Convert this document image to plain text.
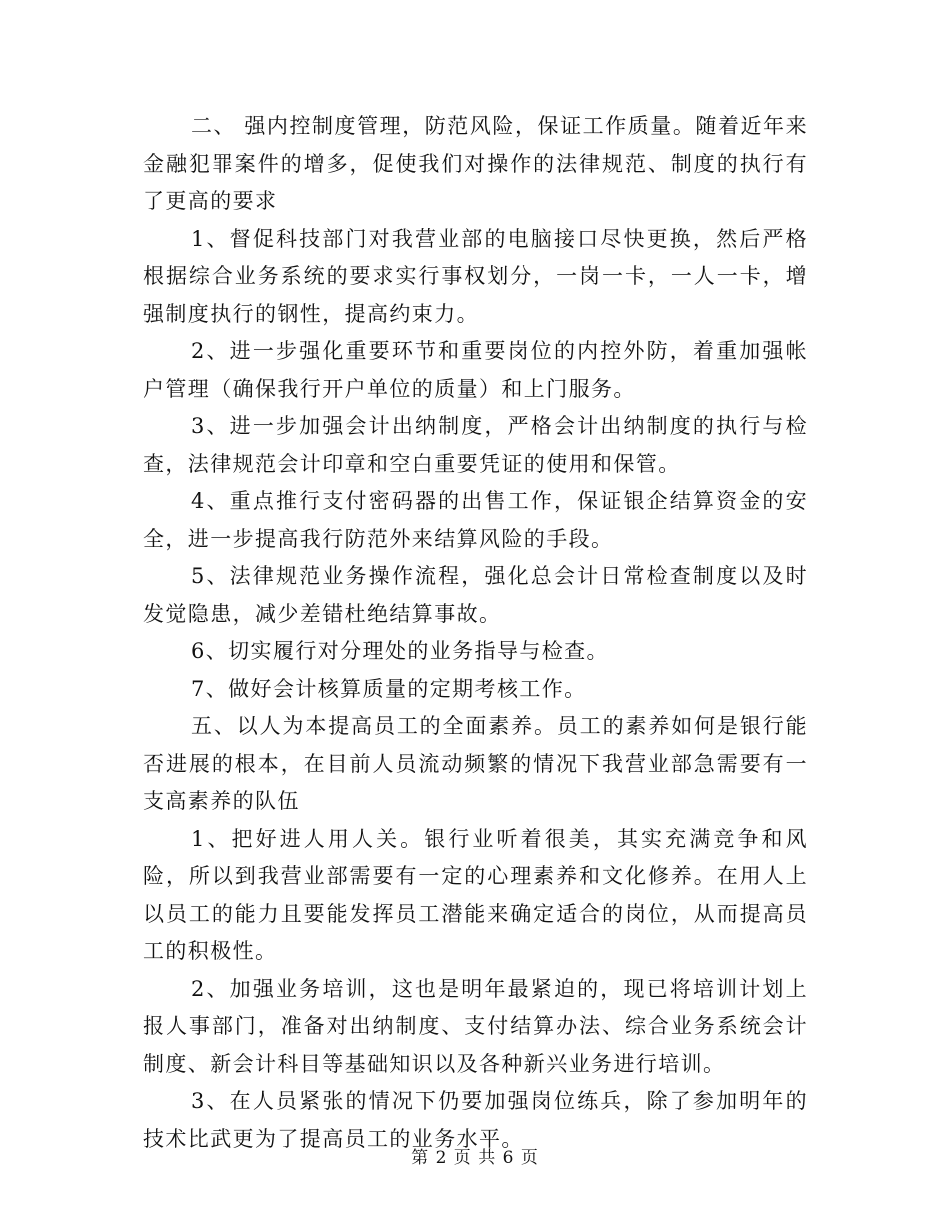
二、 强内控制度管理，防范风险，保证工作质量。随着近年来金融犯罪案件的增多，促使我们对操作的法律规范、制度的执行有了更高的要求

1、督促科技部门对我营业部的电脑接口尽快更换，然后严格根据综合业务系统的要求实行事权划分，一岗一卡，一人一卡，增强制度执行的钢性，提高约束力。

2、进一步强化重要环节和重要岗位的内控外防，着重加强帐户管理（确保我行开户单位的质量）和上门服务。

3、进一步加强会计出纳制度，严格会计出纳制度的执行与检查，法律规范会计印章和空白重要凭证的使用和保管。

4、重点推行支付密码器的出售工作，保证银企结算资金的安全，进一步提高我行防范外来结算风险的手段。

5、法律规范业务操作流程，强化总会计日常检查制度以及时发觉隐患，减少差错杜绝结算事故。

6、切实履行对分理处的业务指导与检查。

7、做好会计核算质量的定期考核工作。

五、以人为本提高员工的全面素养。员工的素养如何是银行能否进展的根本，在目前人员流动频繁的情况下我营业部急需要有一支高素养的队伍

1、把好进人用人关。银行业听着很美，其实充满竞争和风险，所以到我营业部需要有一定的心理素养和文化修养。在用人上以员工的能力且要能发挥员工潜能来确定适合的岗位，从而提高员工的积极性。

2、加强业务培训，这也是明年最紧迫的，现已将培训计划上报人事部门，准备对出纳制度、支付结算办法、综合业务系统会计制度、新会计科目等基础知识以及各种新兴业务进行培训。

3、在人员紧张的情况下仍要加强岗位练兵，除了参加明年的技术比武更为了提高员工的业务水平。

第 2 页 共 6 页
